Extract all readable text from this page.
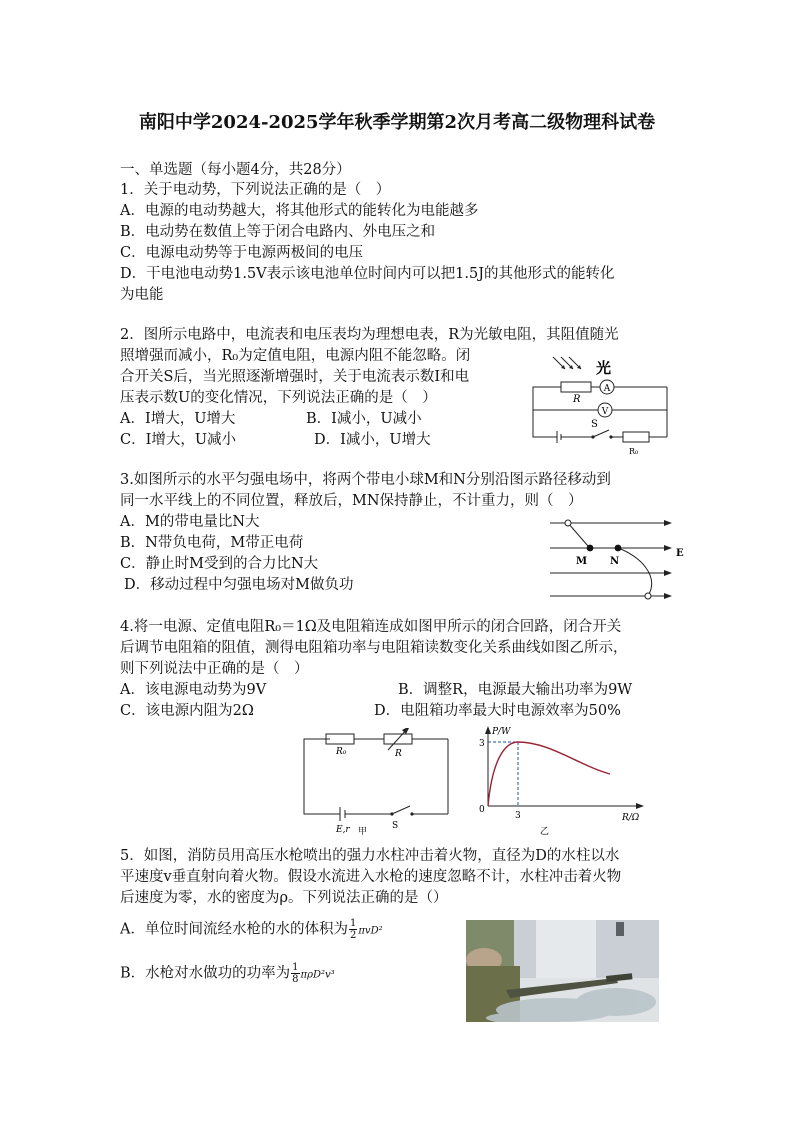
南阳中学2024-2025学年秋季学期第2次月考高二级物理科试卷
一、单选题（每小题4分，共28分）
1．关于电动势，下列说法正确的是（　）
A．电源的电动势越大，将其他形式的能转化为电能越多
B．电动势在数值上等于闭合电路内、外电压之和
C．电源电动势等于电源两极间的电压
D．干电池电动势1.5V表示该电池单位时间内可以把1.5J的其他形式的能转化
为电能
2．图所示电路中，电流表和电压表均为理想电表，R为光敏电阻，其阻值随光
照增强而减小，R₀为定值电阻，电源内阻不能忽略。闭
合开关S后，当光照逐渐增强时，关于电流表示数I和电
压表示数U的变化情况，下列说法正确的是（　）
A．I增大，U增大	B．I减小，U减小
C．I增大，U减小	D．I减小，U增大
光
A
V
R
S
R₀
3.如图所示的水平匀强电场中，将两个带电小球M和N分别沿图示路径移动到
同一水平线上的不同位置，释放后，MN保持静止，不计重力，则（　）
A．M的带电量比N大
B．N带负电荷，M带正电荷
C．静止时M受到的合力比N大
D．移动过程中匀强电场对M做负功
M N
E
4.将一电源、定值电阻R₀＝1Ω及电阻箱连成如图甲所示的闭合回路，闭合开关
后调节电阻箱的阻值，测得电阻箱功率与电阻箱读数变化关系曲线如图乙所示，
则下列说法中正确的是（　）
A．该电源电动势为9V	B．调整R，电源最大输出功率为9W
C．该电源内阻为2Ω	D．电阻箱功率最大时电源效率为50%
R₀	R
E,r	S
甲
P/W
R/Ω
3
3
0
乙
5．如图，消防员用高压水枪喷出的强力水柱冲击着火物，直径为D的水柱以水
平速度v垂直射向着火物。假设水流进入水枪的速度忽略不计，水柱冲击着火物
后速度为零，水的密度为ρ。下列说法正确的是（）
A．单位时间流经水枪的水的体积为 $\frac{1}{2} \pi vD^2$
B．水枪对水做功的功率为 $\frac{1}{8} \pi\rho D^2v^3$
